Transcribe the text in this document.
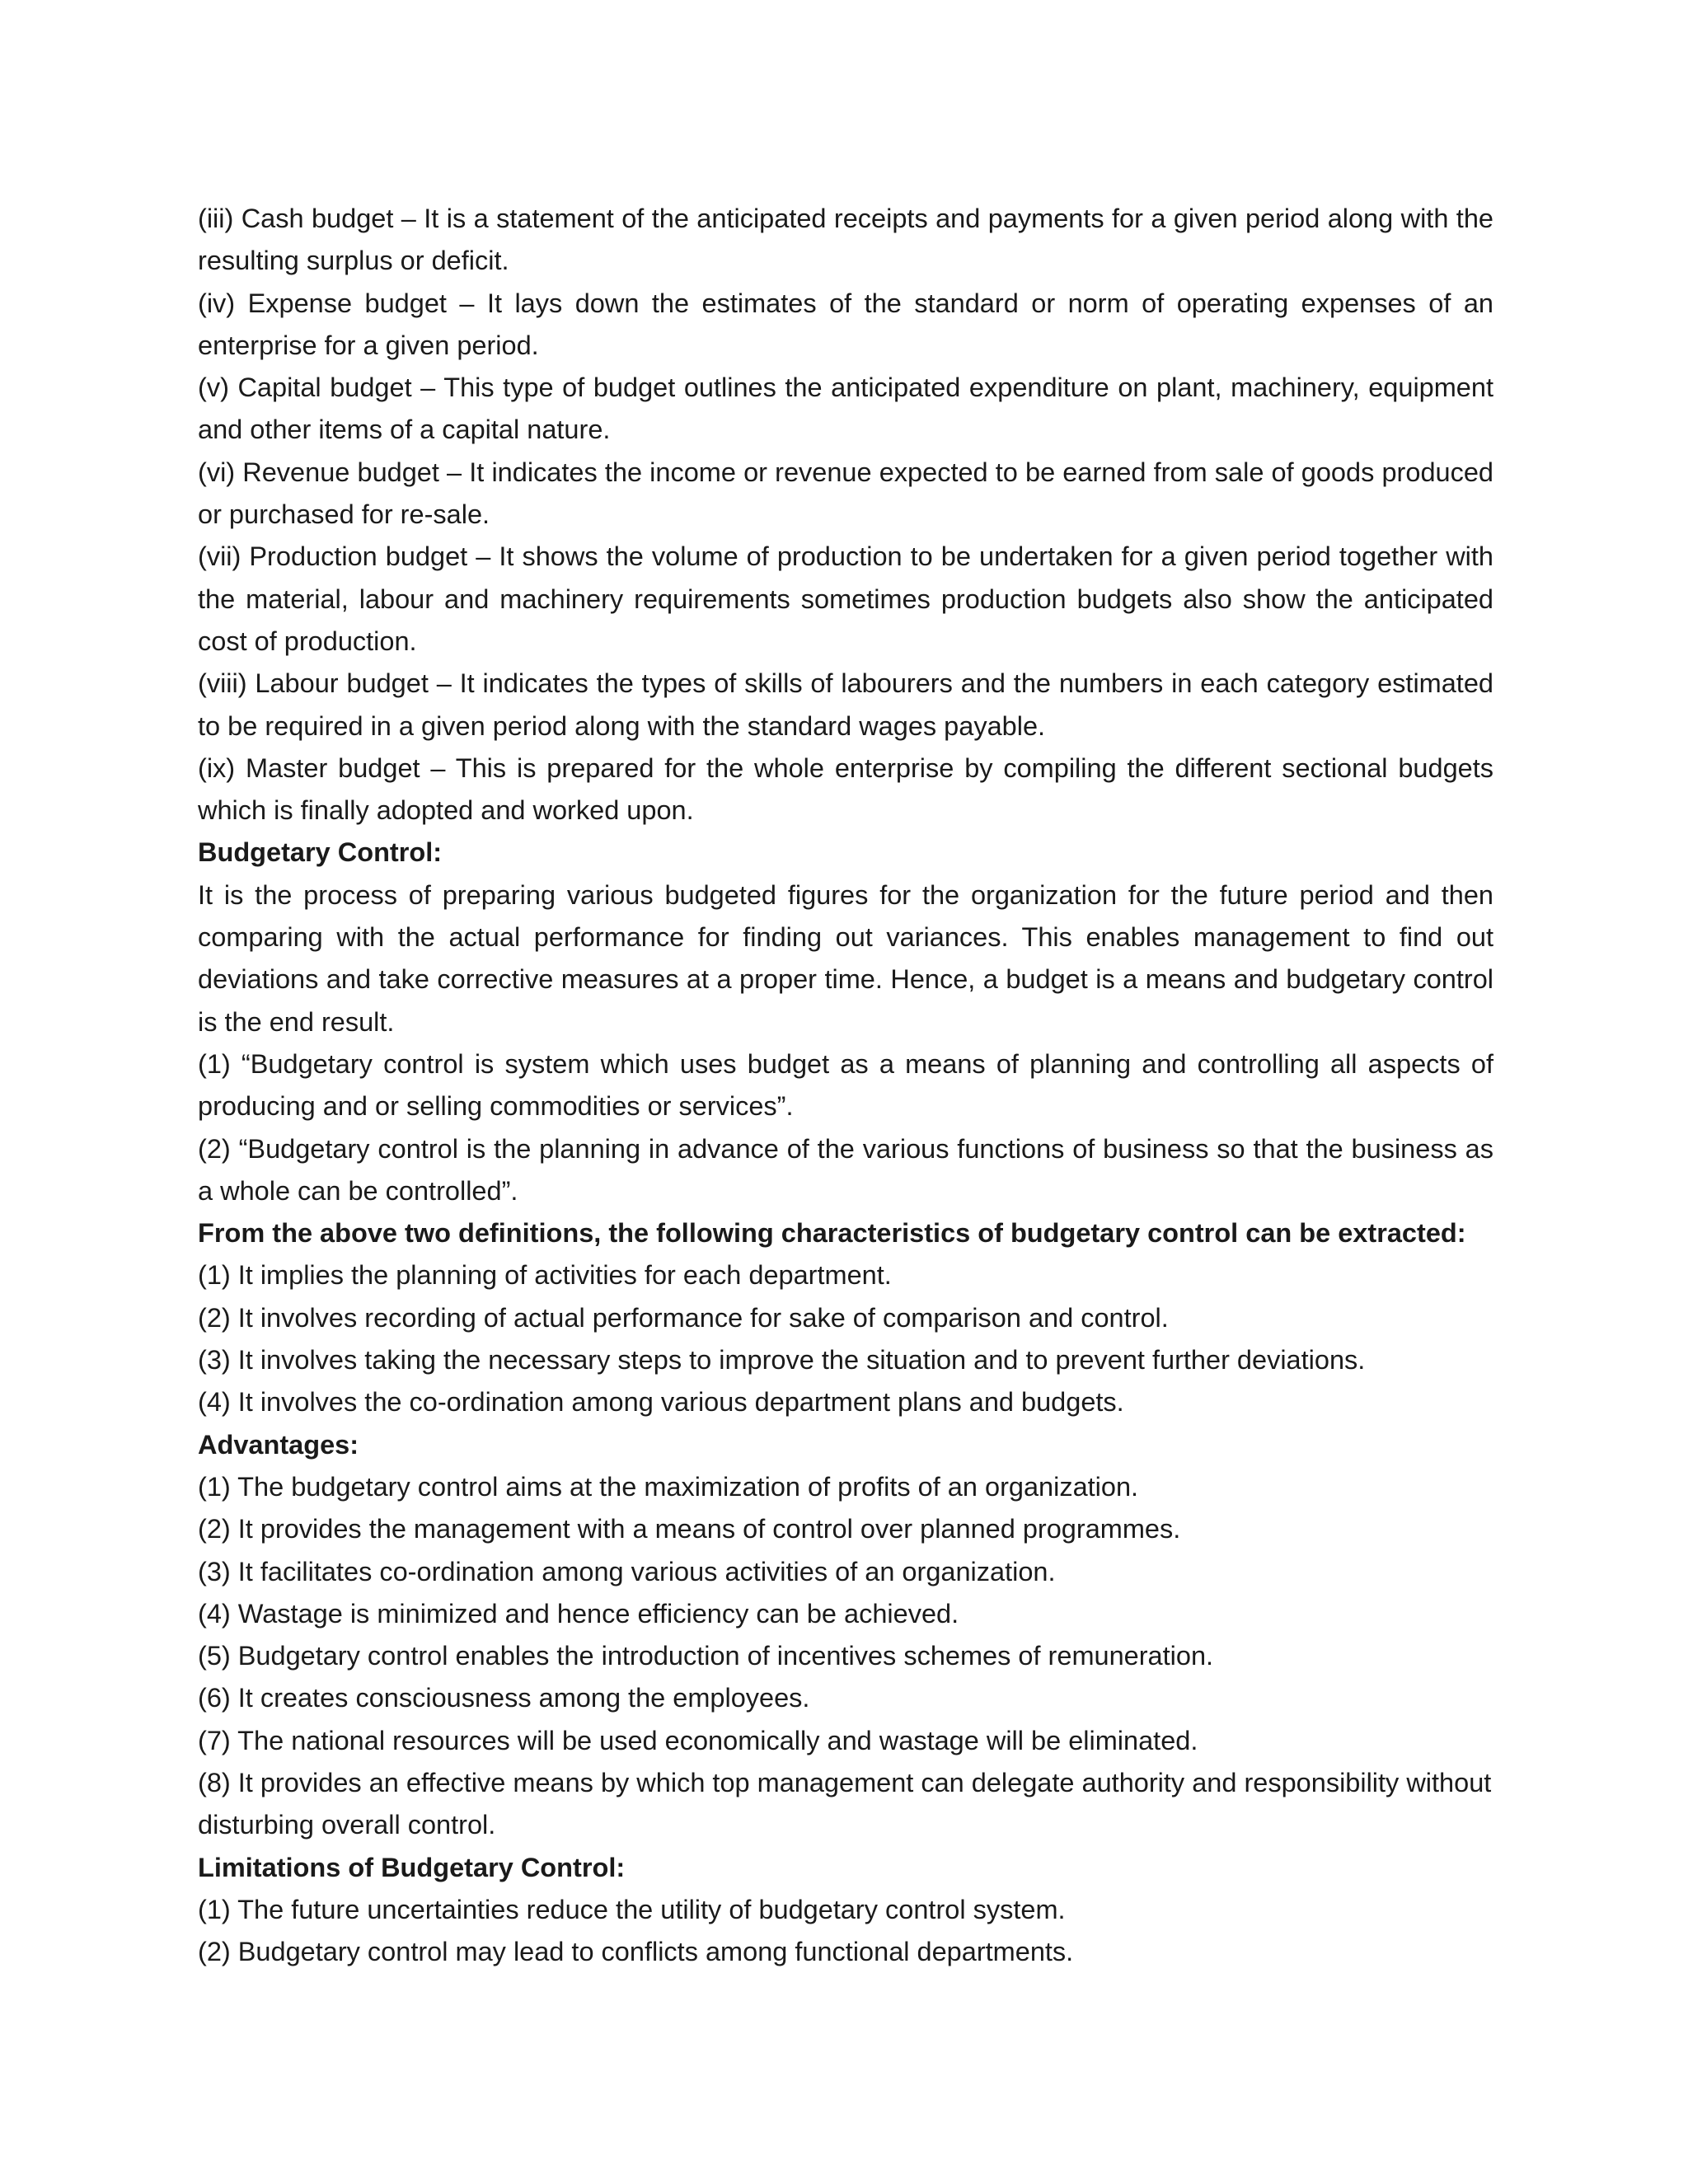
(iii) Cash budget – It is a statement of the anticipated receipts and payments for a given period along with the resulting surplus or deficit.

(iv) Expense budget – It lays down the estimates of the standard or norm of operating expenses of an enterprise for a given period.

(v) Capital budget – This type of budget outlines the anticipated expenditure on plant, machinery, equipment and other items of a capital nature.

(vi) Revenue budget – It indicates the income or revenue expected to be earned from sale of goods produced or purchased for re-sale.

(vii) Production budget – It shows the volume of production to be undertaken for a given period together with the material, labour and machinery requirements sometimes production budgets also show the anticipated cost of production.

(viii) Labour budget – It indicates the types of skills of labourers and the numbers in each category estimated to be required in a given period along with the standard wages payable.

(ix) Master budget – This is prepared for the whole enterprise by compiling the different sectional budgets which is finally adopted and worked upon.

Budgetary Control:

It is the process of preparing various budgeted figures for the organization for the future period and then comparing with the actual performance for finding out variances. This enables management to find out deviations and take corrective measures at a proper time. Hence, a budget is a means and budgetary control is the end result.

(1) “Budgetary control is system which uses budget as a means of planning and controlling all aspects of producing and or selling commodities or services”.

(2) “Budgetary control is the planning in advance of the various functions of business so that the business as a whole can be controlled”.

From the above two definitions, the following characteristics of budgetary control can be extracted:

(1) It implies the planning of activities for each department.

(2) It involves recording of actual performance for sake of comparison and control.

(3) It involves taking the necessary steps to improve the situation and to prevent further deviations.

(4) It involves the co-ordination among various department plans and budgets.

Advantages:

(1) The budgetary control aims at the maximization of profits of an organization.

(2) It provides the management with a means of control over planned programmes.

(3) It facilitates co-ordination among various activities of an organization.

(4) Wastage is minimized and hence efficiency can be achieved.

(5) Budgetary control enables the introduction of incentives schemes of remuneration.

(6) It creates consciousness among the employees.

(7) The national resources will be used economically and wastage will be eliminated.

(8) It provides an effective means by which top management can delegate authority and responsibility without disturbing overall control.

Limitations of Budgetary Control:

(1) The future uncertainties reduce the utility of budgetary control system.

(2) Budgetary control may lead to conflicts among functional departments.
